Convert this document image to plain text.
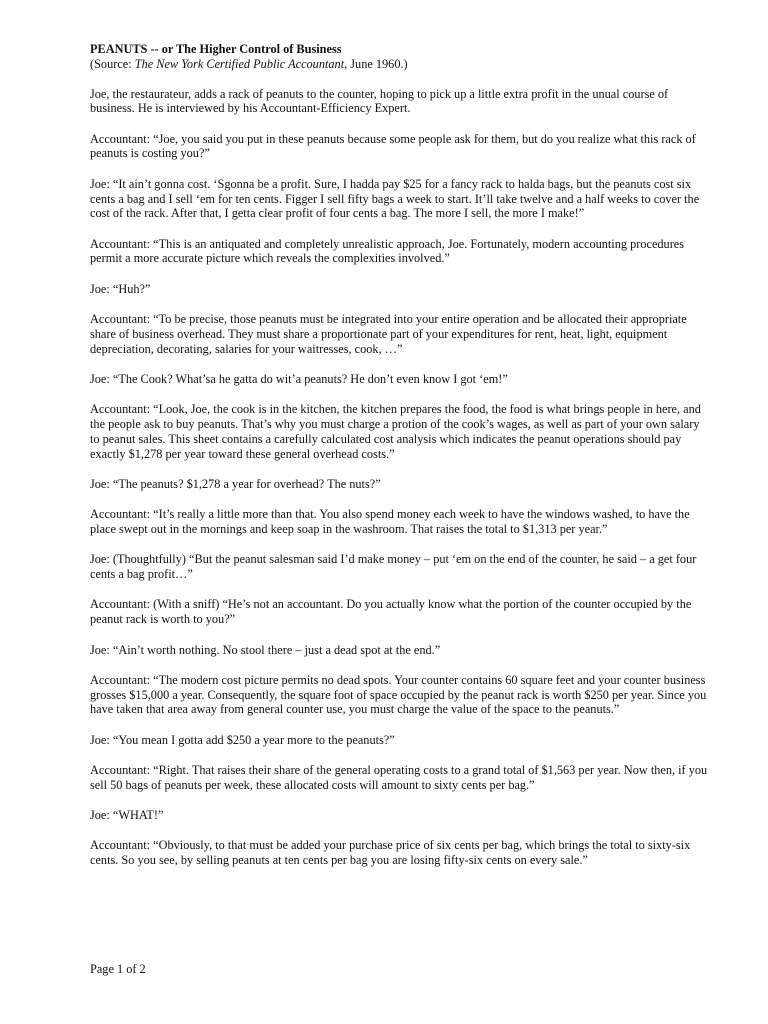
PEANUTS -- or The Higher Control of Business

(Source: The New York Certified Public Accountant, June 1960.)

Joe, the restaurateur, adds a rack of peanuts to the counter, hoping to pick up a little extra profit in the unual course of business. He is interviewed by his Accountant-Efficiency Expert.

Accountant: “Joe, you said you put in these peanuts because some people ask for them, but do you realize what this rack of peanuts is costing you?”

Joe: “It ain’t gonna cost. ‘Sgonna be a profit. Sure, I hadda pay $25 for a fancy rack to halda bags, but the peanuts cost six cents a bag and I sell ‘em for ten cents. Figger I sell fifty bags a week to start. It’ll take twelve and a half weeks to cover the cost of the rack. After that, I getta clear profit of four cents a bag. The more I sell, the more I make!”

Accountant: “This is an antiquated and completely unrealistic approach, Joe. Fortunately, modern accounting procedures permit a more accurate picture which reveals the complexities involved.”

Joe: “Huh?”

Accountant: “To be precise, those peanuts must be integrated into your entire operation and be allocated their appropriate share of business overhead. They must share a proportionate part of your expenditures for rent, heat, light, equipment depreciation, decorating, salaries for your waitresses, cook, …”

Joe: “The Cook? What’sa he gatta do wit’a peanuts? He don’t even know I got ‘em!”

Accountant: “Look, Joe, the cook is in the kitchen, the kitchen prepares the food, the food is what brings people in here, and the people ask to buy peanuts. That’s why you must charge a protion of the cook’s wages, as well as part of your own salary to peanut sales. This sheet contains a carefully calculated cost analysis which indicates the peanut operations should pay exactly $1,278 per year toward these general overhead costs.”

Joe: “The peanuts? $1,278 a year for overhead? The nuts?”

Accountant: “It’s really a little more than that. You also spend money each week to have the windows washed, to have the place swept out in the mornings and keep soap in the washroom. That raises the total to $1,313 per year.”

Joe: (Thoughtfully) “But the peanut salesman said I’d make money – put ‘em on the end of the counter, he said – a get four cents a bag profit…”

Accountant: (With a sniff) “He’s not an accountant. Do you actually know what the portion of the counter occupied by the peanut rack is worth to you?”

Joe: “Ain’t worth nothing. No stool there – just a dead spot at the end.”

Accountant: “The modern cost picture permits no dead spots. Your counter contains 60 square feet and your counter business grosses $15,000 a year. Consequently, the square foot of space occupied by the peanut rack is worth $250 per year. Since you have taken that area away from general counter use, you must charge the value of the space to the peanuts.”

Joe: “You mean I gotta add $250 a year more to the peanuts?”

Accountant: “Right. That raises their share of the general operating costs to a grand total of $1,563 per year. Now then, if you sell 50 bags of peanuts per week, these allocated costs will amount to sixty cents per bag.”

Joe: “WHAT!”

Accountant: “Obviously, to that must be added your purchase price of six cents per bag, which brings the total to sixty-six cents. So you see, by selling peanuts at ten cents per bag you are losing fifty-six cents on every sale.”

Page 1 of 2
